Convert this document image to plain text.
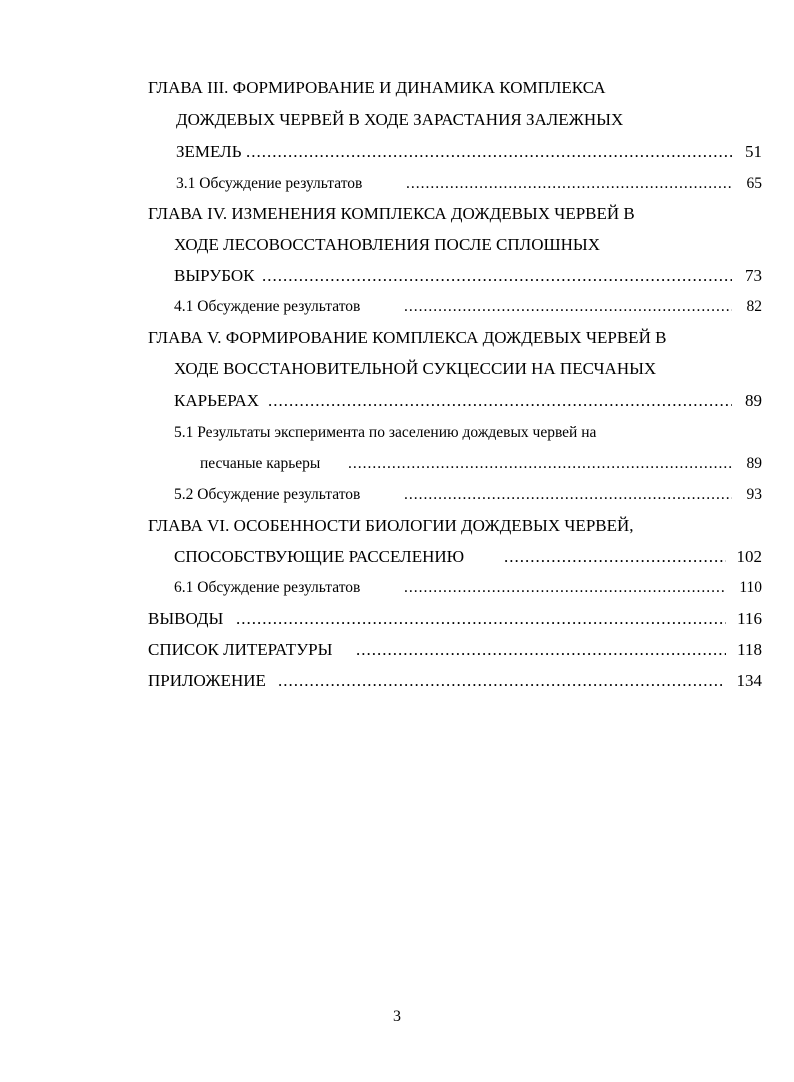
ГЛАВА III. ФОРМИРОВАНИЕ И ДИНАМИКА КОМПЛЕКСА
ДОЖДЕВЫХ ЧЕРВЕЙ В ХОДЕ ЗАРАСТАНИЯ ЗАЛЕЖНЫХ
ЗЕМЕЛЬ .....	51
3.1 Обсуждение результатов .....	65
ГЛАВА IV. ИЗМЕНЕНИЯ КОМПЛЕКСА ДОЖДЕВЫХ ЧЕРВЕЙ В
ХОДЕ ЛЕСОВОССТАНОВЛЕНИЯ ПОСЛЕ СПЛОШНЫХ
ВЫРУБОК .....	73
4.1 Обсуждение результатов .....	82
ГЛАВА V. ФОРМИРОВАНИЕ КОМПЛЕКСА ДОЖДЕВЫХ ЧЕРВЕЙ В
ХОДЕ ВОССТАНОВИТЕЛЬНОЙ СУКЦЕССИИ НА ПЕСЧАНЫХ
КАРЬЕРАХ .....	89
5.1 Результаты эксперимента по заселению дождевых червей на
песчаные карьеры .....	89
5.2 Обсуждение результатов .....	93
ГЛАВА VI. ОСОБЕННОСТИ БИОЛОГИИ ДОЖДЕВЫХ ЧЕРВЕЙ,
СПОСОБСТВУЮЩИЕ РАССЕЛЕНИЮ .....	102
6.1 Обсуждение результатов .....	110
ВЫВОДЫ .....	116
СПИСОК ЛИТЕРАТУРЫ .....	118
ПРИЛОЖЕНИЕ .....	134
3
